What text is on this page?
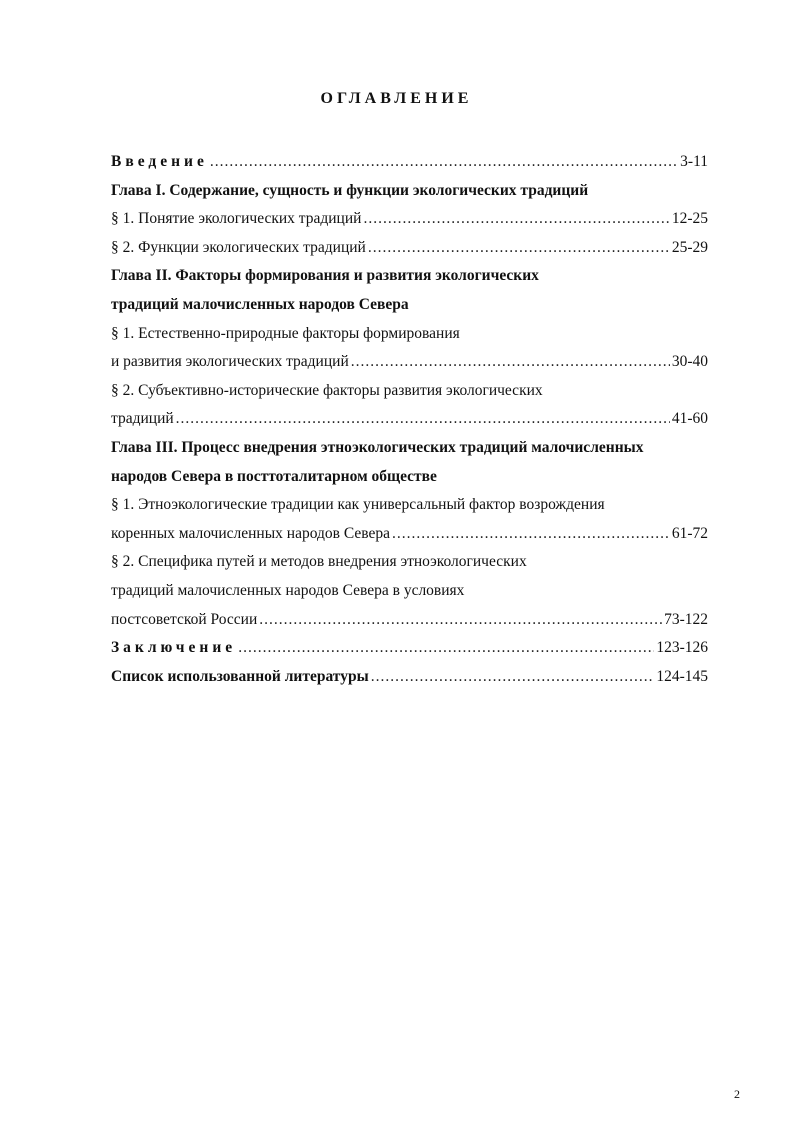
ОГЛАВЛЕНИЕ
Введение .....	3-11
Глава I. Содержание, сущность и функции экологических традиций
§ 1. Понятие экологических традиций .....	12-25
§ 2. Функции экологических традиций .....	25-29
Глава II. Факторы формирования и развития экологических
традиций малочисленных народов Севера
§ 1. Естественно-природные факторы формирования
и развития экологических традиций .....	30-40
§ 2. Субъективно-исторические факторы развития экологических
традиций .....	41-60
Глава III. Процесс внедрения этноэкологических традиций малочисленных
народов Севера в посттоталитарном обществе
§ 1. Этноэкологические традиции как универсальный фактор возрождения
коренных малочисленных народов Севера .....	61-72
§ 2. Специфика путей и методов внедрения этноэкологических
традиций малочисленных народов Севера в условиях
постсоветской России .....	73-122
Заключение .....	123-126
Список использованной литературы .....	124-145
2
